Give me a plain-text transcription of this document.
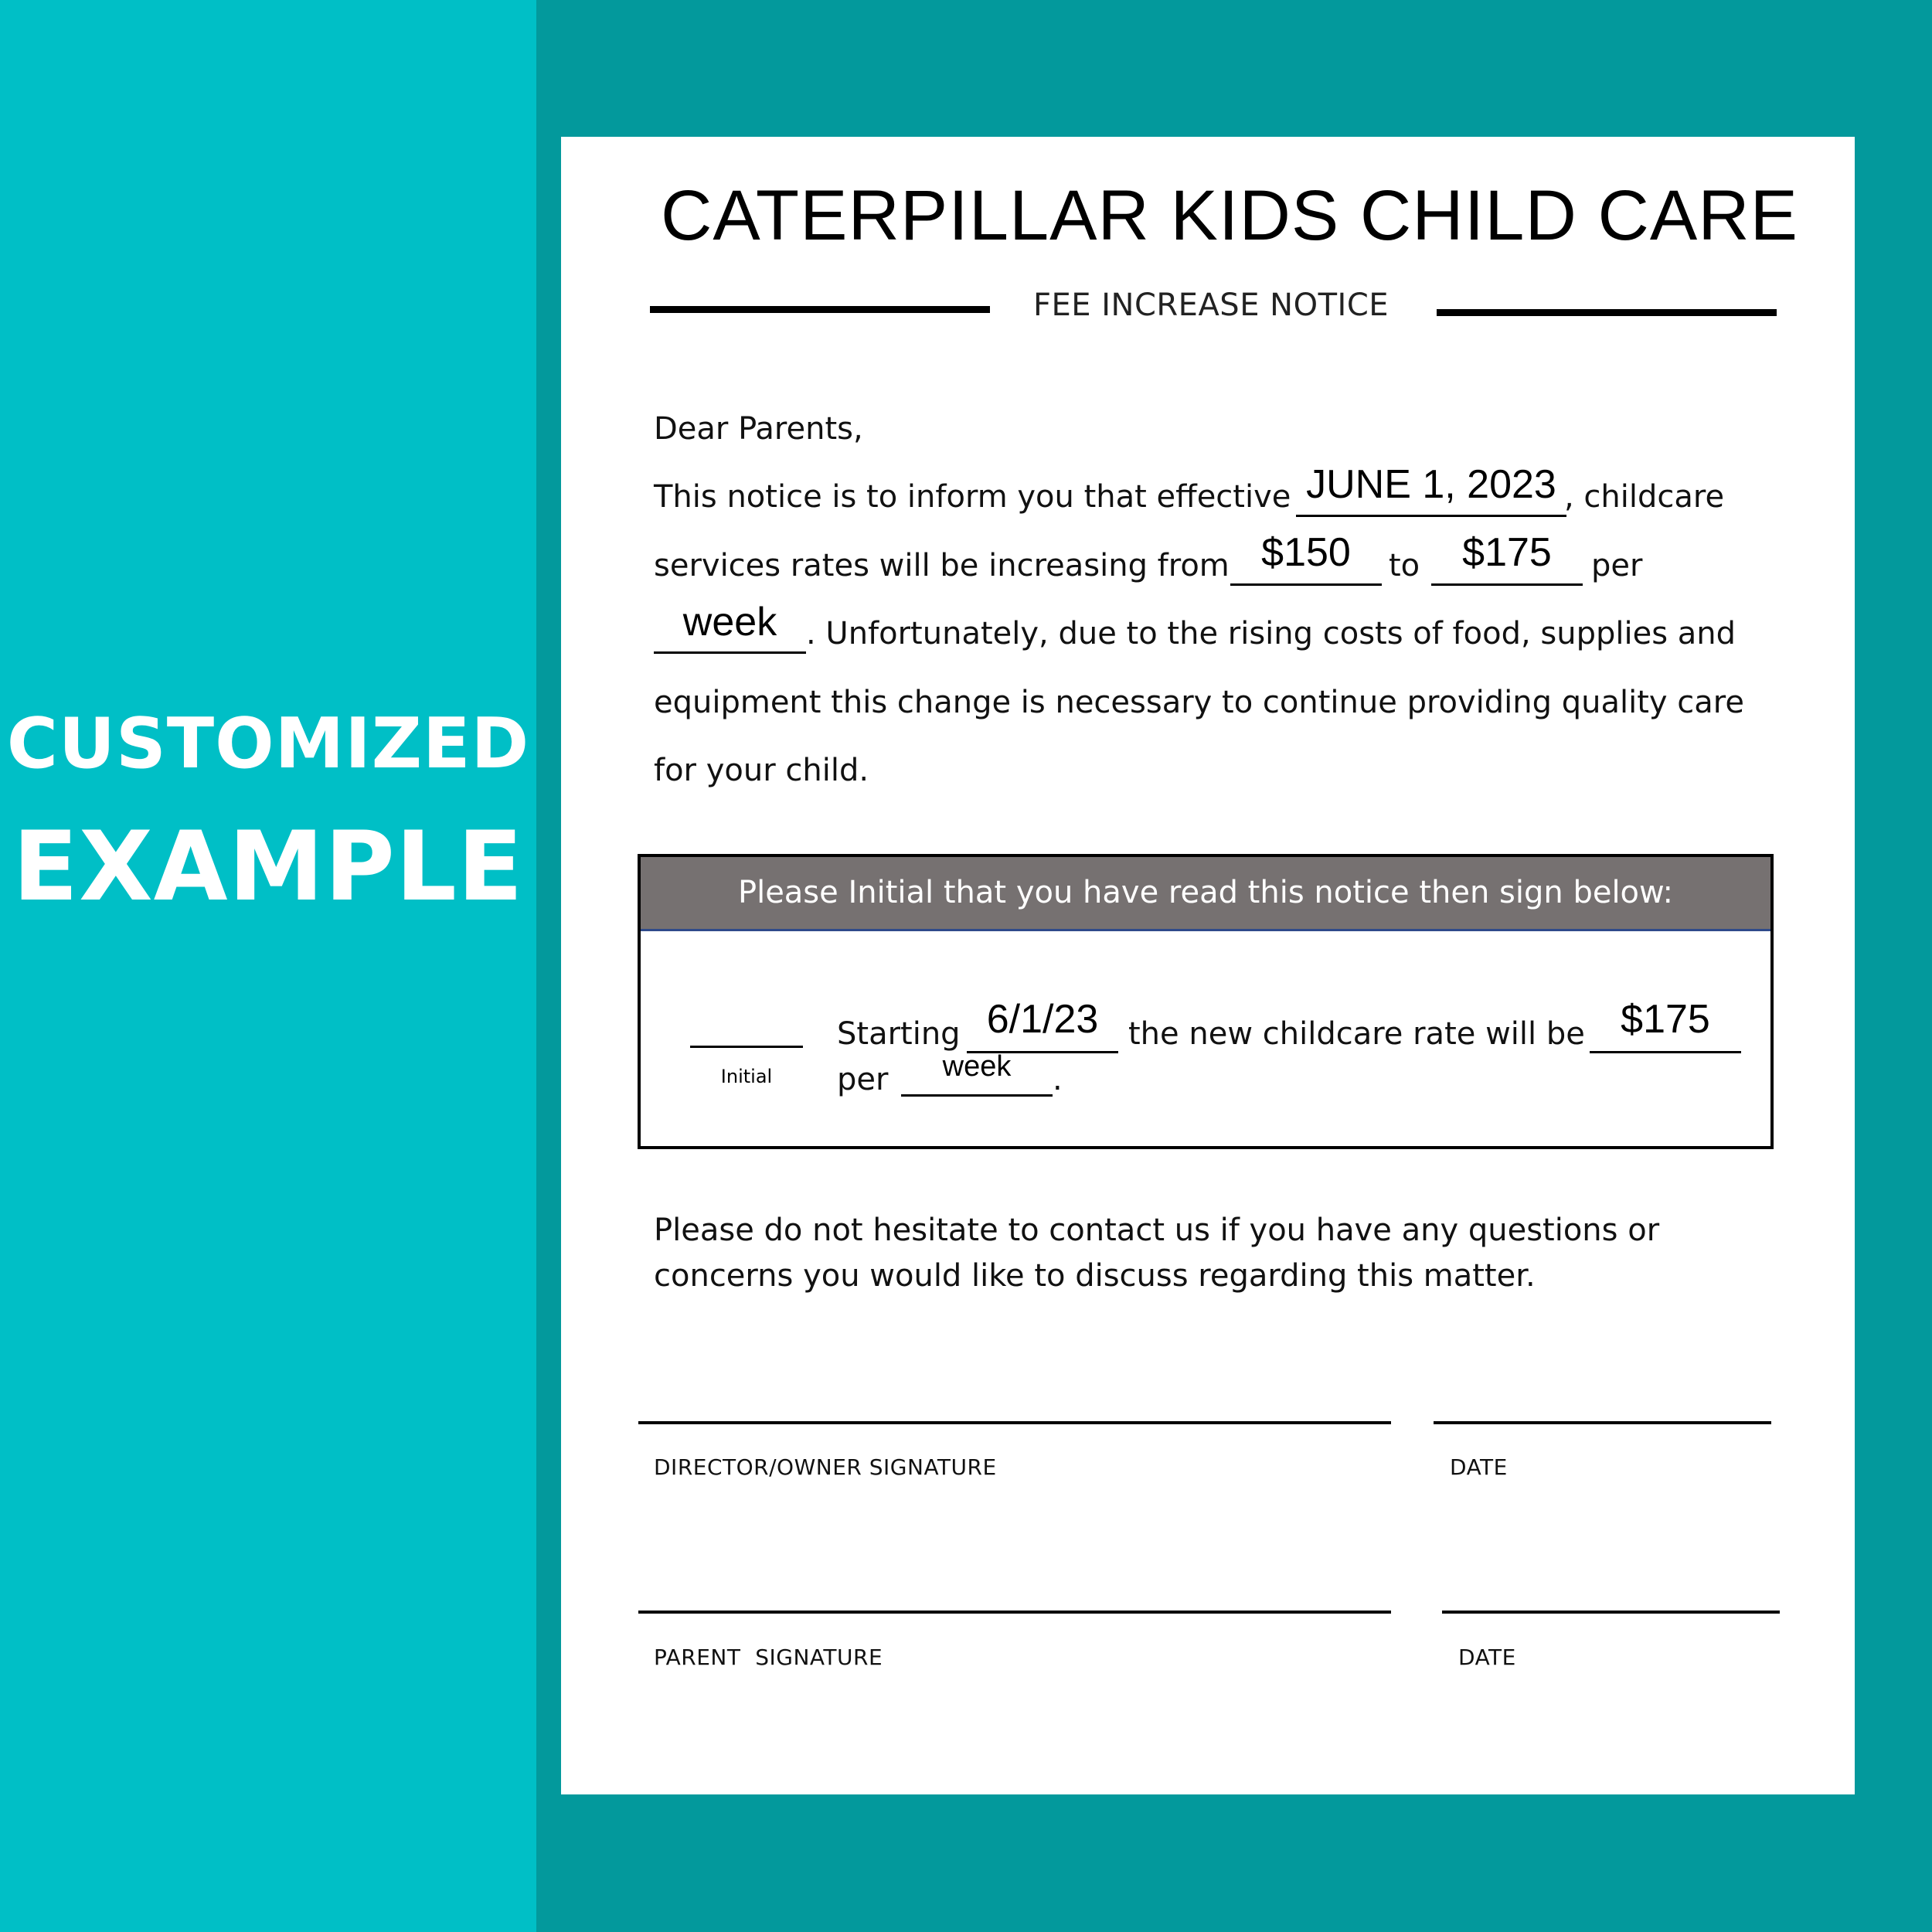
CUSTOMIZED
EXAMPLE
CATERPILLAR KIDS CHILD CARE
FEE INCREASE NOTICE
Dear Parents,
This notice is to inform you that effective JUNE 1, 2023 , childcare
services rates will be increasing from $150	to	$175	per
week . Unfortunately, due to the rising costs of food, supplies and
equipment this change is necessary to continue providing quality care
for your child.
Please Initial that you have read this notice then sign below:
Initial
Starting 6/1/23 the new childcare rate will be $175
per	week	.
Please do not hesitate to contact us if you have any questions or
concerns you would like to discuss regarding this matter.
DIRECTOR/OWNER SIGNATURE	DATE
PARENT  SIGNATURE	DATE
